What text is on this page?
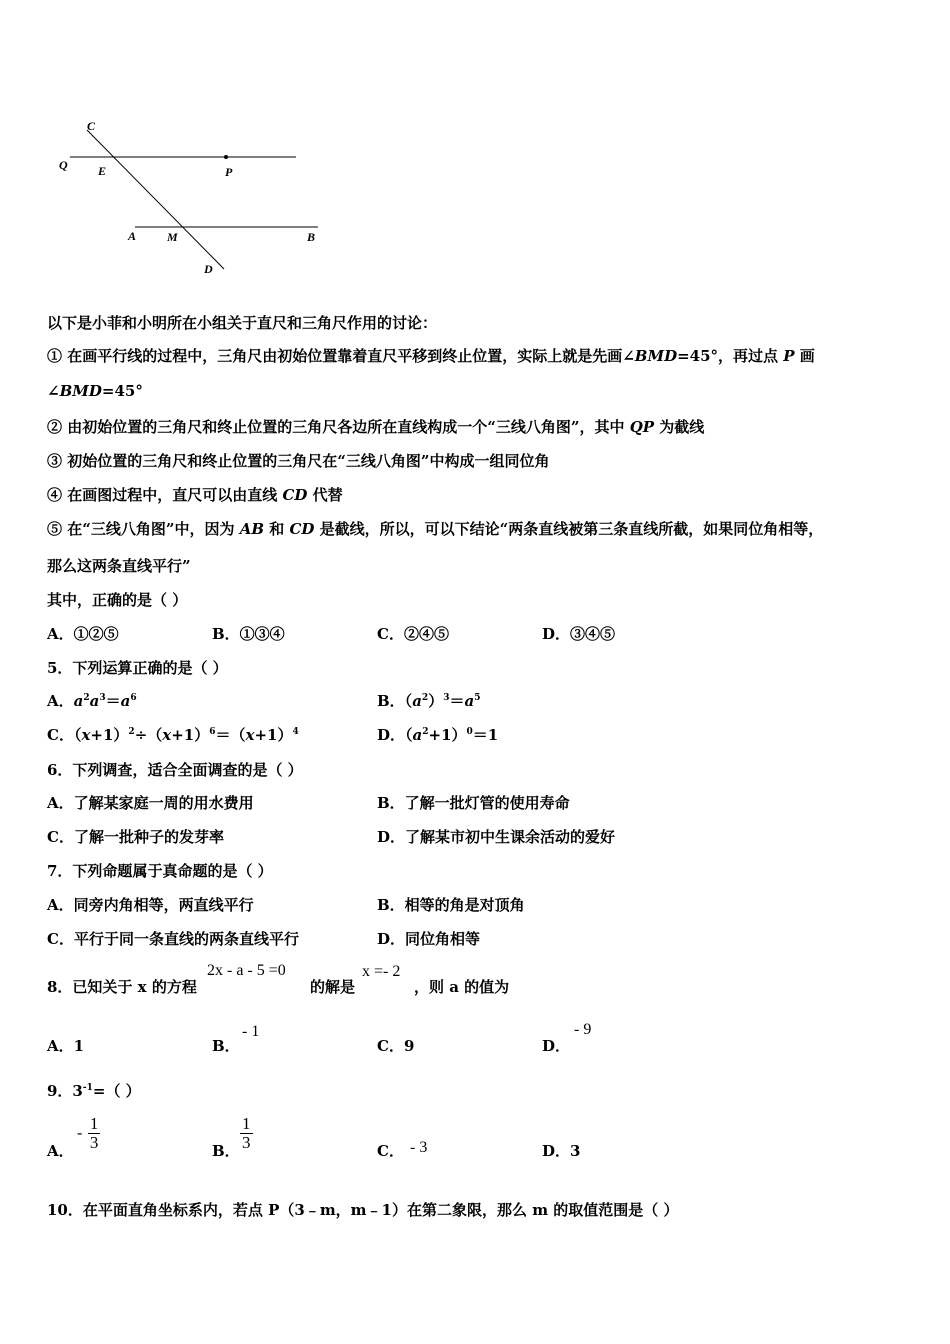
C
Q	E	P
A	M	B
D
以下是小菲和小明所在小组关于直尺和三角尺作用的讨论：
① 在画平行线的过程中，三角尺由初始位置靠着直尺平移到终止位置，实际上就是先画∠BMD=45°，再过点 P 画
∠BMD=45°
② 由初始位置的三角尺和终止位置的三角尺各边所在直线构成一个“三线八角图”，其中 QP 为截线
③ 初始位置的三角尺和终止位置的三角尺在“三线八角图”中构成一组同位角
④ 在画图过程中，直尺可以由直线 CD 代替
⑤ 在“三线八角图”中，因为 AB 和 CD 是截线，所以，可以下结论“两条直线被第三条直线所截，如果同位角相等，
那么这两条直线平行”
其中，正确的是（ ）
A．①②⑤	B．①③④	C．②④⑤	D．③④⑤
5．下列运算正确的是（ ）
A．$a^2a^3=a^6$	B．$(a^2)^3=a^5$
C．$(x+1)^2\div(x+1)^6=(x+1)^4$	D．$(a^2+1)^0=1$
6．下列调查，适合全面调查的是（ ）
A．了解某家庭一周的用水费用	B．了解一批灯管的使用寿命
C．了解一批种子的发芽率	D．了解某市初中生课余活动的爱好
7．下列命题属于真命题的是（ ）
A．同旁内角相等，两直线平行	B．相等的角是对顶角
C．平行于同一条直线的两条直线平行	D．同位角相等
8．已知关于 x 的方程
2x - a - 5 =0
的解是
x =- 2
，则 a 的值为
A．1	B．
- 1
C．9	D．
- 9
9．$3^{-1}=$（ ）
A．
- $\frac{1}{3}$	B． $\frac{1}{3}$	C． - 3	D．3
10．在平面直角坐标系内，若点 P（3﹣m，m﹣1）在第二象限，那么 m 的取值范围是（ ）
